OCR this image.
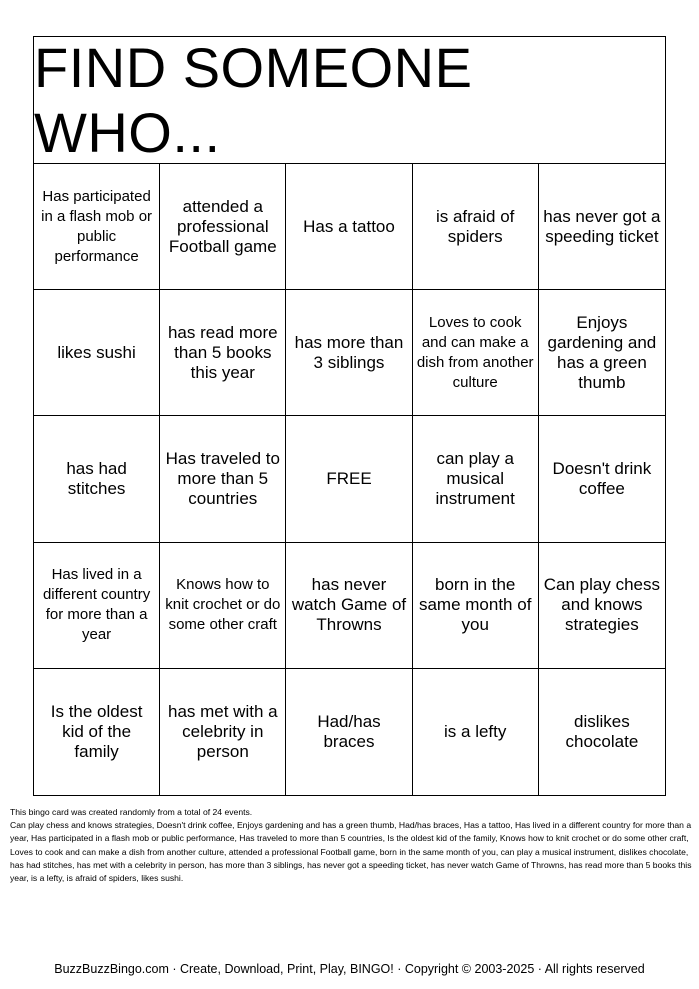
FIND SOMEONE WHO...
Has participated in a flash mob or public performance
attended a professional Football game
Has a tattoo
is afraid of spiders
has never got a speeding ticket
likes sushi
has read more than 5 books this year
has more than 3 siblings
Loves to cook and can make a dish from another culture
Enjoys gardening and has a green thumb
has had stitches
Has traveled to more than 5 countries
FREE
can play a musical instrument
Doesn't drink coffee
Has lived in a different country for more than a year
Knows how to knit crochet or do some other craft
has never watch Game of Throwns
born in the same month of you
Can play chess and knows strategies
Is the oldest kid of the family
has met with a celebrity in person
Had/has braces
is a lefty
dislikes chocolate

This bingo card was created randomly from a total of 24 events.

Can play chess and knows strategies, Doesn't drink coffee, Enjoys gardening and has a green thumb, Had/has braces, Has a tattoo, Has lived in a different country for more than a year, Has participated in a flash mob or public performance, Has traveled to more than 5 countries, Is the oldest kid of the family, Knows how to knit crochet or do some other craft, Loves to cook and can make a dish from another culture, attended a professional Football game, born in the same month of you, can play a musical instrument, dislikes chocolate, has had stitches, has met with a celebrity in person, has more than 3 siblings, has never got a speeding ticket, has never watch Game of Throwns, has read more than 5 books this year, is a lefty, is afraid of spiders, likes sushi.

BuzzBuzzBingo.com · Create, Download, Print, Play, BINGO! · Copyright © 2003-2025 · All rights reserved
